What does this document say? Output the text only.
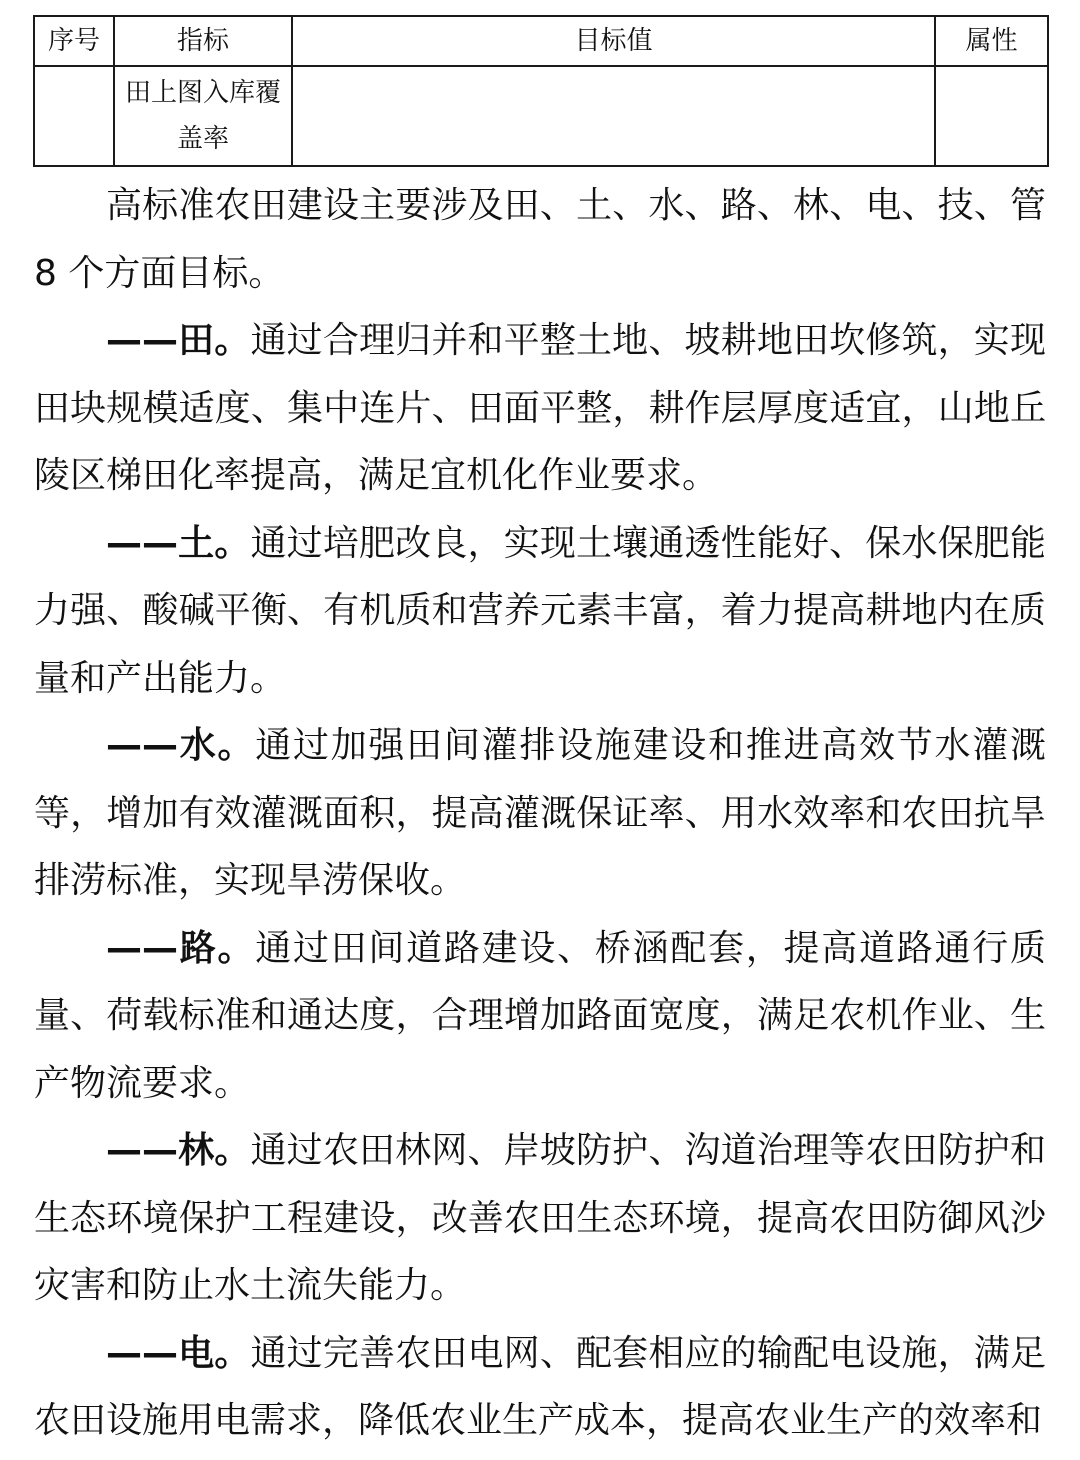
序号	指标	目标值	属性
	田上图入库覆盖率		

高标准农田建设主要涉及田、土、水、路、林、电、技、管8 个方面目标。

——田。通过合理归并和平整土地、坡耕地田坎修筑，实现田块规模适度、集中连片、田面平整，耕作层厚度适宜，山地丘陵区梯田化率提高，满足宜机化作业要求。

——土。通过培肥改良，实现土壤通透性能好、保水保肥能力强、酸碱平衡、有机质和营养元素丰富，着力提高耕地内在质量和产出能力。

——水。通过加强田间灌排设施建设和推进高效节水灌溉等，增加有效灌溉面积，提高灌溉保证率、用水效率和农田抗旱排涝标准，实现旱涝保收。

——路。通过田间道路建设、桥涵配套，提高道路通行质量、荷载标准和通达度，合理增加路面宽度，满足农机作业、生产物流要求。

——林。通过农田林网、岸坡防护、沟道治理等农田防护和生态环境保护工程建设，改善农田生态环境，提高农田防御风沙灾害和防止水土流失能力。

——电。通过完善农田电网、配套相应的输配电设施，满足农田设施用电需求，降低农业生产成本，提高农业生产的效率和
